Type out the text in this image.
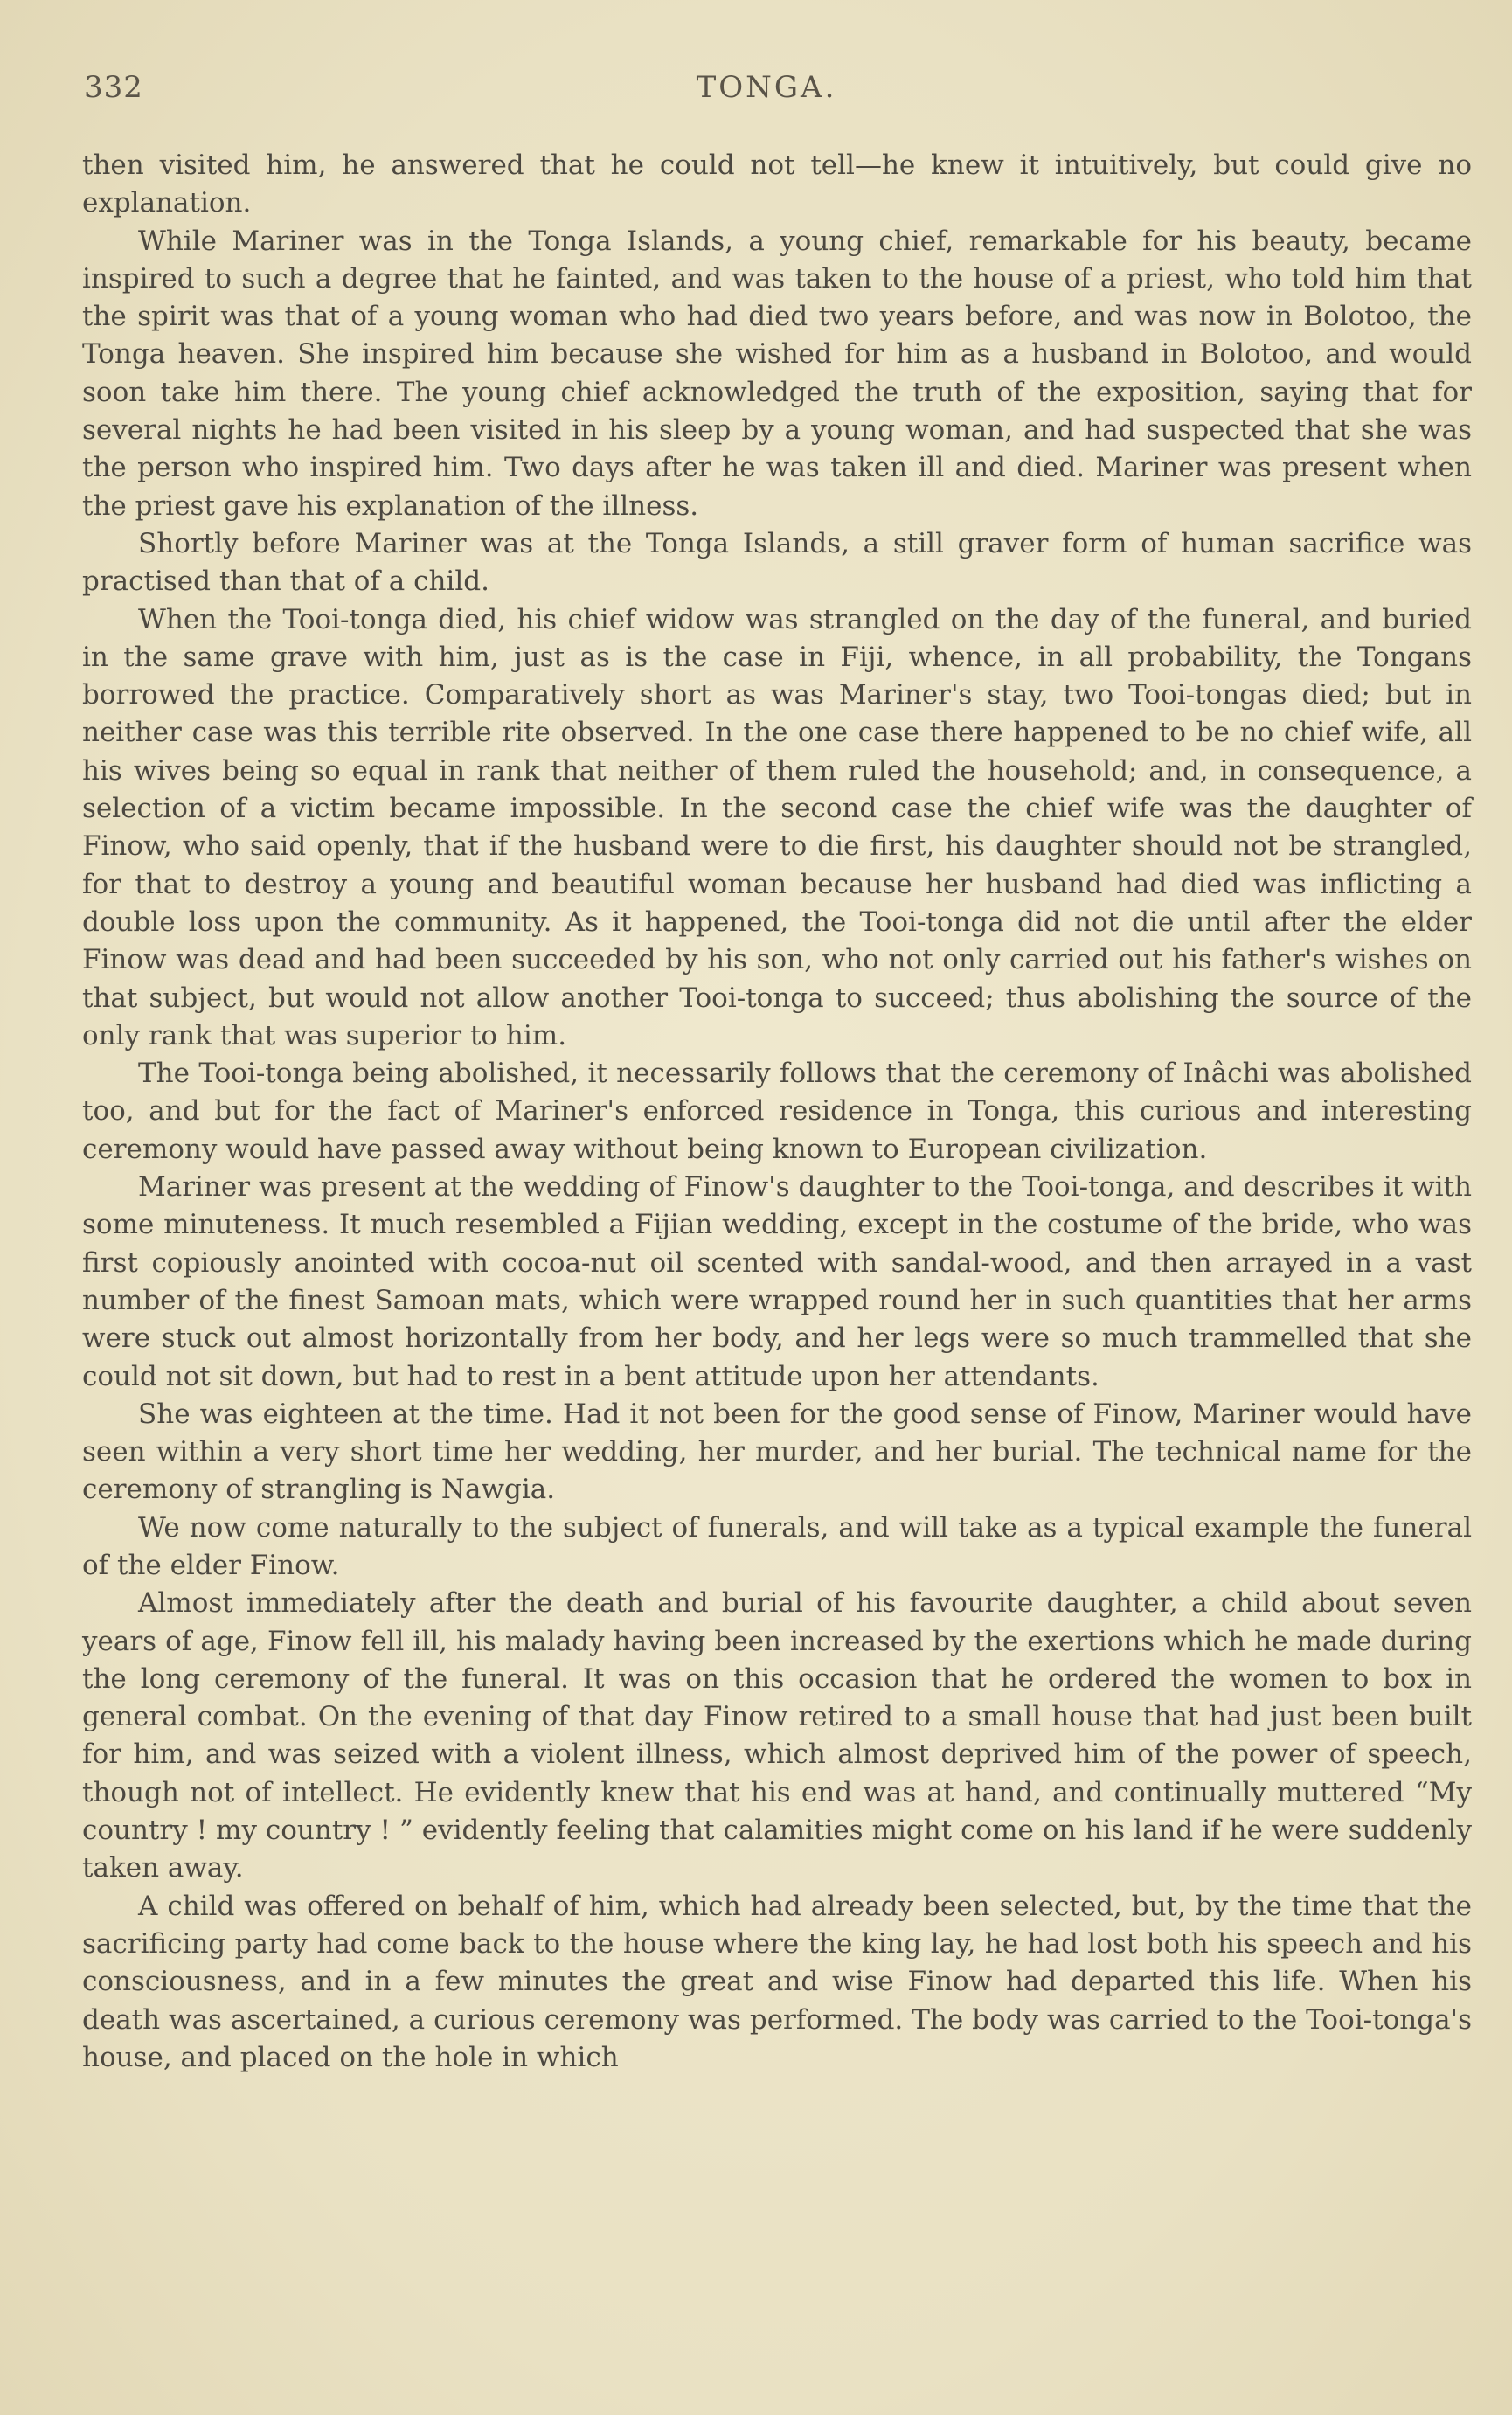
332	TONGA.

then visited him, he answered that he could not tell—he knew it intuitively, but could give no explanation.

While Mariner was in the Tonga Islands, a young chief, remarkable for his beauty, became inspired to such a degree that he fainted, and was taken to the house of a priest, who told him that the spirit was that of a young woman who had died two years before, and was now in Bolotoo, the Tonga heaven. She inspired him because she wished for him as a husband in Bolotoo, and would soon take him there. The young chief acknowledged the truth of the exposition, saying that for several nights he had been visited in his sleep by a young woman, and had suspected that she was the person who inspired him. Two days after he was taken ill and died. Mariner was present when the priest gave his explanation of the illness.

Shortly before Mariner was at the Tonga Islands, a still graver form of human sacrifice was practised than that of a child.

When the Tooi-tonga died, his chief widow was strangled on the day of the funeral, and buried in the same grave with him, just as is the case in Fiji, whence, in all probability, the Tongans borrowed the practice. Comparatively short as was Mariner's stay, two Tooi-tongas died; but in neither case was this terrible rite observed. In the one case there happened to be no chief wife, all his wives being so equal in rank that neither of them ruled the household; and, in consequence, a selection of a victim became impossible. In the second case the chief wife was the daughter of Finow, who said openly, that if the husband were to die first, his daughter should not be strangled, for that to destroy a young and beautiful woman because her husband had died was inflicting a double loss upon the community. As it happened, the Tooi-tonga did not die until after the elder Finow was dead and had been succeeded by his son, who not only carried out his father's wishes on that subject, but would not allow another Tooi-tonga to succeed; thus abolishing the source of the only rank that was superior to him.

The Tooi-tonga being abolished, it necessarily follows that the ceremony of Inâchi was abolished too, and but for the fact of Mariner's enforced residence in Tonga, this curious and interesting ceremony would have passed away without being known to European civilization.

Mariner was present at the wedding of Finow's daughter to the Tooi-tonga, and describes it with some minuteness. It much resembled a Fijian wedding, except in the costume of the bride, who was first copiously anointed with cocoa-nut oil scented with sandal-wood, and then arrayed in a vast number of the finest Samoan mats, which were wrapped round her in such quantities that her arms were stuck out almost horizontally from her body, and her legs were so much trammelled that she could not sit down, but had to rest in a bent attitude upon her attendants.

She was eighteen at the time. Had it not been for the good sense of Finow, Mariner would have seen within a very short time her wedding, her murder, and her burial. The technical name for the ceremony of strangling is Nawgia.

We now come naturally to the subject of funerals, and will take as a typical example the funeral of the elder Finow.

Almost immediately after the death and burial of his favourite daughter, a child about seven years of age, Finow fell ill, his malady having been increased by the exertions which he made during the long ceremony of the funeral. It was on this occasion that he ordered the women to box in general combat. On the evening of that day Finow retired to a small house that had just been built for him, and was seized with a violent illness, which almost deprived him of the power of speech, though not of intellect. He evidently knew that his end was at hand, and continually muttered “My country ! my country ! ” evidently feeling that calamities might come on his land if he were suddenly taken away.

A child was offered on behalf of him, which had already been selected, but, by the time that the sacrificing party had come back to the house where the king lay, he had lost both his speech and his consciousness, and in a few minutes the great and wise Finow had departed this life. When his death was ascertained, a curious ceremony was performed. The body was carried to the Tooi-tonga's house, and placed on the hole in which
